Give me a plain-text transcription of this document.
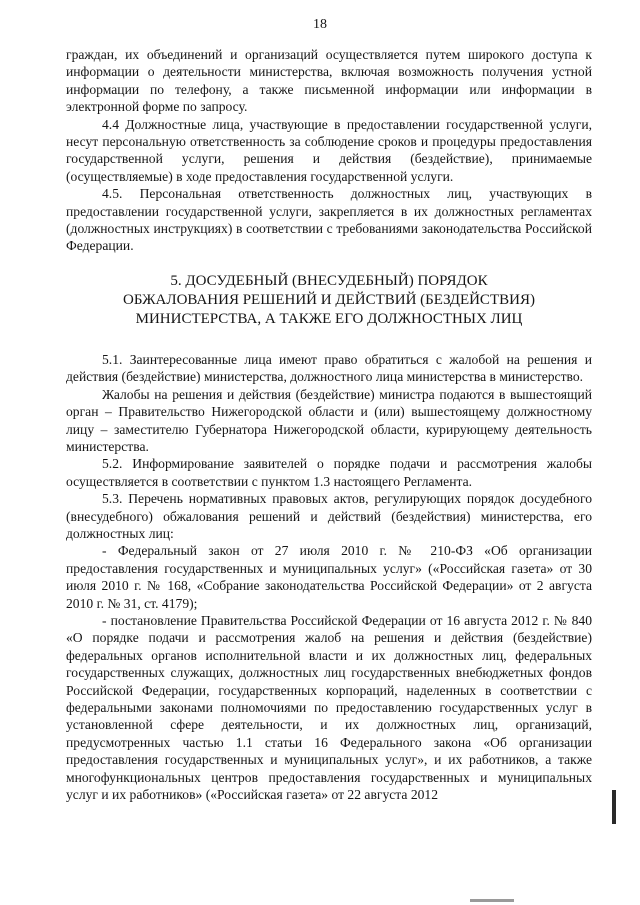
18

граждан, их объединений и организаций осуществляется путем широкого доступа к информации о деятельности министерства, включая возможность получения устной информации по телефону, а также письменной информации или информации в электронной форме по запросу.

4.4 Должностные лица, участвующие в предоставлении государственной услуги, несут персональную ответственность за соблюдение сроков и процедуры предоставления государственной услуги, решения и действия (бездействие), принимаемые (осуществляемые) в ходе предоставления государственной услуги.

4.5. Персональная ответственность должностных лиц, участвующих в предоставлении государственной услуги, закрепляется в их должностных регламентах (должностных инструкциях) в соответствии с требованиями законодательства Российской Федерации.

5. ДОСУДЕБНЫЙ (ВНЕСУДЕБНЫЙ) ПОРЯДОК
ОБЖАЛОВАНИЯ РЕШЕНИЙ И ДЕЙСТВИЙ (БЕЗДЕЙСТВИЯ)
МИНИСТЕРСТВА, А ТАКЖЕ ЕГО ДОЛЖНОСТНЫХ ЛИЦ

5.1. Заинтересованные лица имеют право обратиться с жалобой на решения и действия (бездействие) министерства, должностного лица министерства в министерство.

Жалобы на решения и действия (бездействие) министра подаются в вышестоящий орган – Правительство Нижегородской области и (или) вышестоящему должностному лицу – заместителю Губернатора Нижегородской области, курирующему деятельность министерства.

5.2. Информирование заявителей о порядке подачи и рассмотрения жалобы осуществляется в соответствии с пунктом 1.3 настоящего Регламента.

5.3. Перечень нормативных правовых актов, регулирующих порядок досудебного (внесудебного) обжалования решений и действий (бездействия) министерства, его должностных лиц:

- Федеральный закон от 27 июля 2010 г. № 210-ФЗ «Об организации предоставления государственных и муниципальных услуг» («Российская газета» от 30 июля 2010 г. № 168, «Собрание законодательства Российской Федерации» от 2 августа 2010 г. № 31, ст. 4179);

- постановление Правительства Российской Федерации от 16 августа 2012 г. № 840 «О порядке подачи и рассмотрения жалоб на решения и действия (бездействие) федеральных органов исполнительной власти и их должностных лиц, федеральных государственных служащих, должностных лиц государственных внебюджетных фондов Российской Федерации, государственных корпораций, наделенных в соответствии с федеральными законами полномочиями по предоставлению государственных услуг в установленной сфере деятельности, и их должностных лиц, организаций, предусмотренных частью 1.1 статьи 16 Федерального закона «Об организации предоставления государственных и муниципальных услуг», и их работников, а также многофункциональных центров предоставления государственных и муниципальных услуг и их работников» («Российская газета» от 22 августа 2012
